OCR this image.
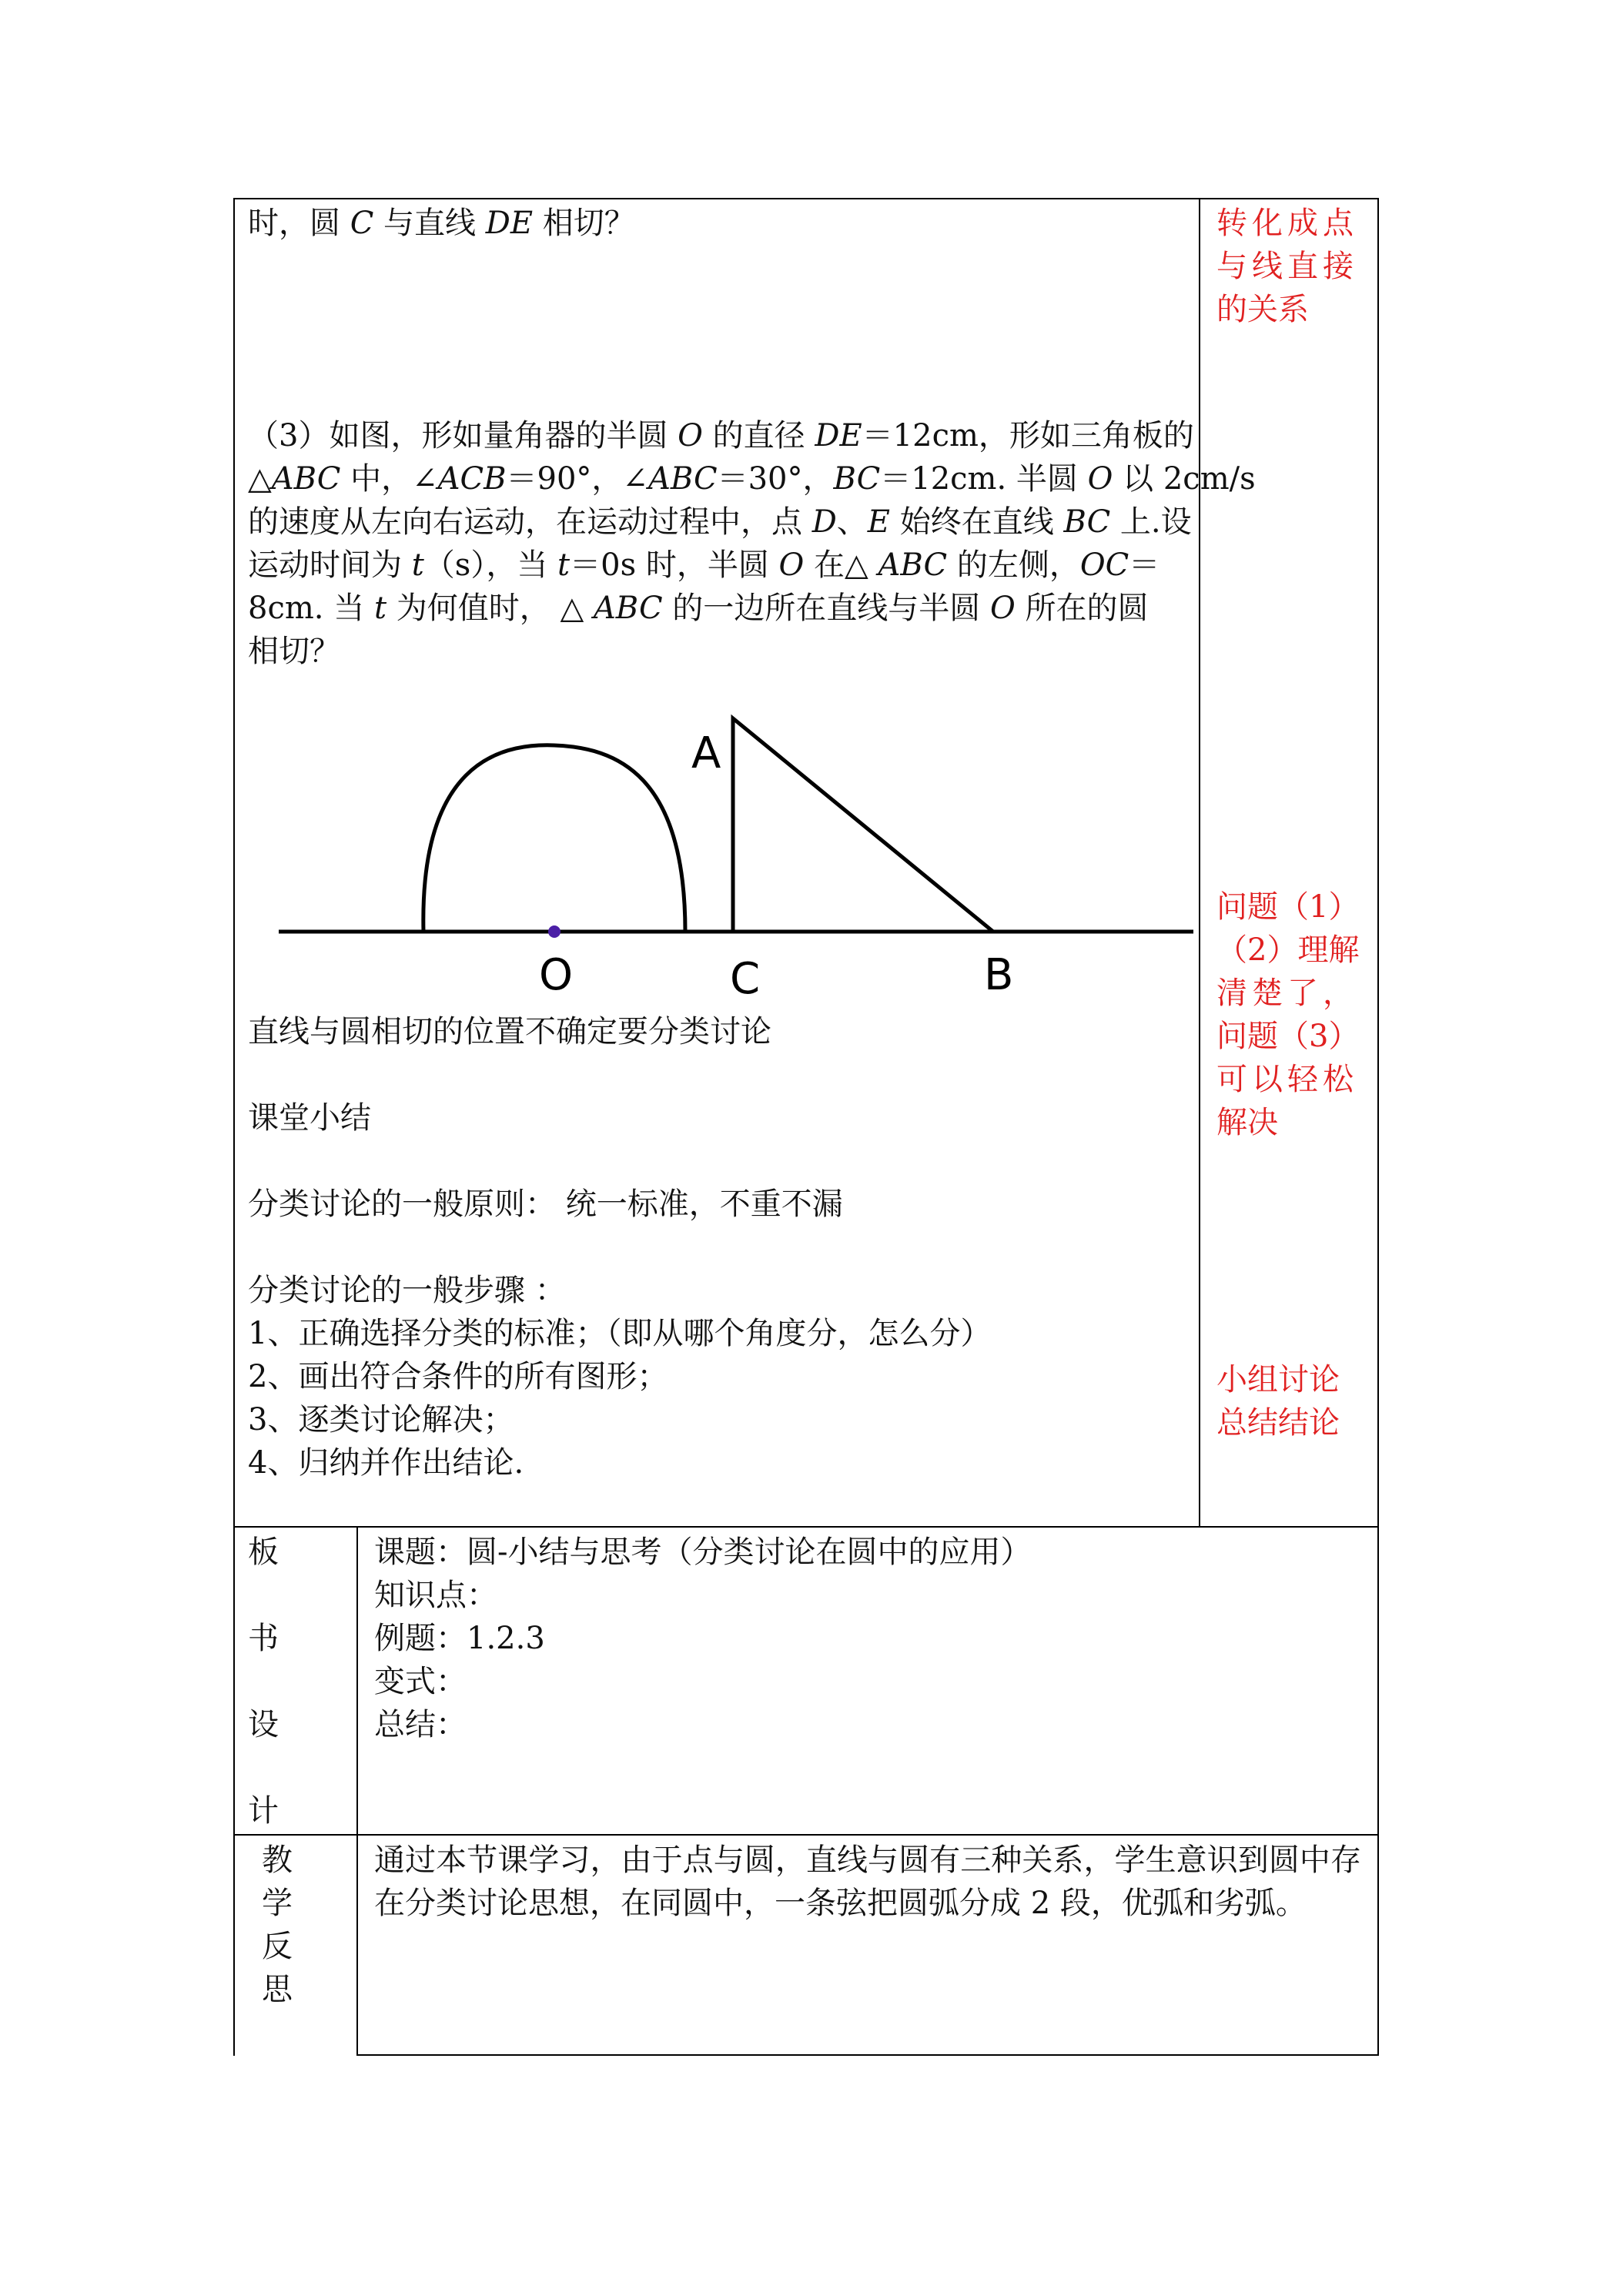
时，圆 C 与直线 DE 相切？
（3）如图，形如量角器的半圆 O 的直径 DE＝12cm，形如三角板的
△ABC 中，∠ACB＝90°，∠ABC＝30°，BC＝12cm. 半圆 O 以 2cm/s
的速度从左向右运动，在运动过程中，点 D、E 始终在直线 BC 上.设
运动时间为 t（s），当 t＝0s 时，半圆 O 在△ ABC 的左侧，OC＝
8cm. 当 t 为何值时， △ ABC 的一边所在直线与半圆 O 所在的圆
相切？
A
O	C	B
直线与圆相切的位置不确定要分类讨论
课堂小结
分类讨论的一般原则： 统一标准，不重不漏
分类讨论的一般步骤 ：
1、正确选择分类的标准；（即从哪个角度分，怎么分）
2、画出符合条件的所有图形；
3、逐类讨论解决；
4、归纳并作出结论.
转化成点
与线直接
的关系
问题（1）
（2）理解
清楚了，
问题（3）
可以轻松
解决
小组讨论
总结结论
板
书
设
计
课题：圆-小结与思考（分类讨论在圆中的应用）
知识点：
例题：1.2.3
变式：
总结：
教
学
反
思
通过本节课学习，由于点与圆，直线与圆有三种关系，学生意识到圆中存在分类讨论思想，在同圆中，一条弦把圆弧分成 2 段，优弧和劣弧。
